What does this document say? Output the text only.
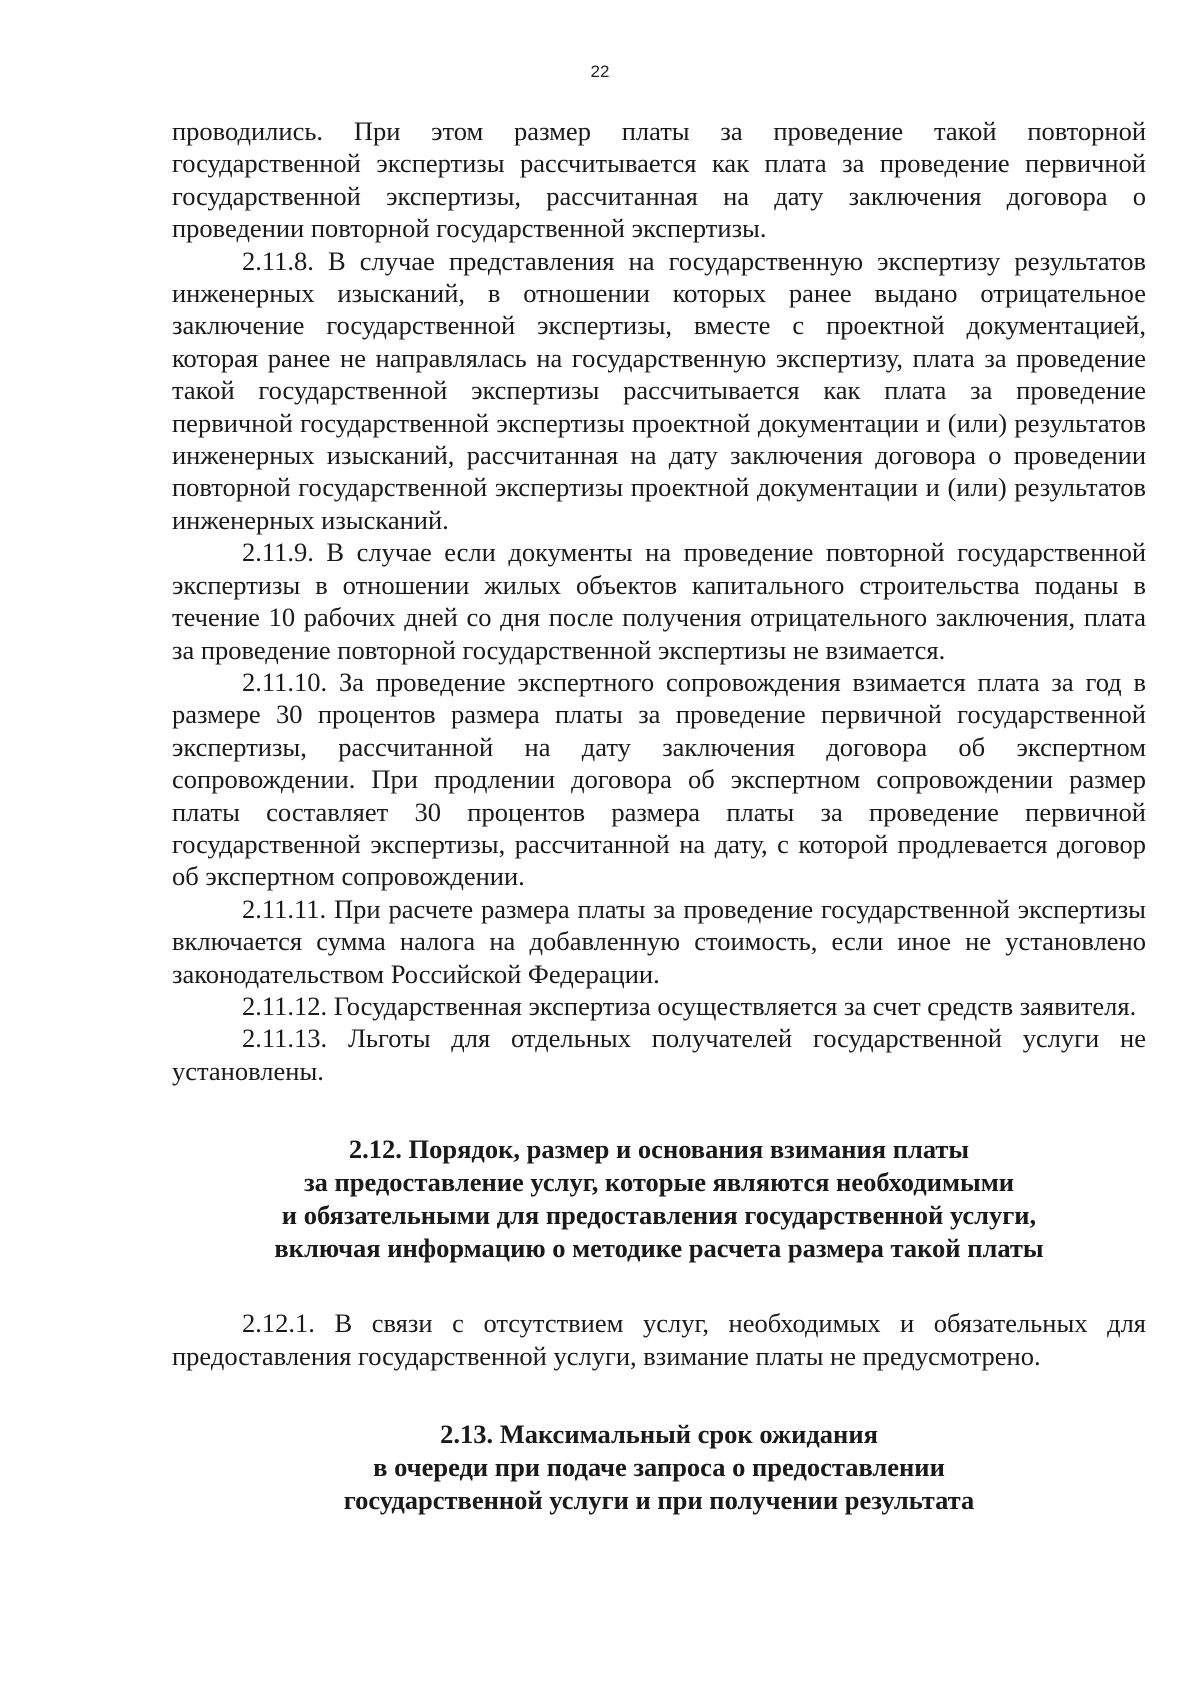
22

проводились. При этом размер платы за проведение такой повторной государственной экспертизы рассчитывается как плата за проведение первичной государственной экспертизы, рассчитанная на дату заключения договора о проведении повторной государственной экспертизы.

2.11.8. В случае представления на государственную экспертизу результатов инженерных изысканий, в отношении которых ранее выдано отрицательное заключение государственной экспертизы, вместе с проектной документацией, которая ранее не направлялась на государственную экспертизу, плата за проведение такой государственной экспертизы рассчитывается как плата за проведение первичной государственной экспертизы проектной документации и (или) результатов инженерных изысканий, рассчитанная на дату заключения договора о проведении повторной государственной экспертизы проектной документации и (или) результатов инженерных изысканий.

2.11.9. В случае если документы на проведение повторной государственной экспертизы в отношении жилых объектов капитального строительства поданы в течение 10 рабочих дней со дня после получения отрицательного заключения, плата за проведение повторной государственной экспертизы не взимается.

2.11.10. За проведение экспертного сопровождения взимается плата за год в размере 30 процентов размера платы за проведение первичной государственной экспертизы, рассчитанной на дату заключения договора об экспертном сопровождении. При продлении договора об экспертном сопровождении размер платы составляет 30 процентов размера платы за проведение первичной государственной экспертизы, рассчитанной на дату, с которой продлевается договор об экспертном сопровождении.

2.11.11. При расчете размера платы за проведение государственной экспертизы включается сумма налога на добавленную стоимость, если иное не установлено законодательством Российской Федерации.

2.11.12. Государственная экспертиза осуществляется за счет средств заявителя.

2.11.13. Льготы для отдельных получателей государственной услуги не установлены.

2.12. Порядок, размер и основания взимания платы
за предоставление услуг, которые являются необходимыми
и обязательными для предоставления государственной услуги,
включая информацию о методике расчета размера такой платы

2.12.1. В связи с отсутствием услуг, необходимых и обязательных для предоставления государственной услуги, взимание платы не предусмотрено.

2.13. Максимальный срок ожидания
в очереди при подаче запроса о предоставлении
государственной услуги и при получении результата
